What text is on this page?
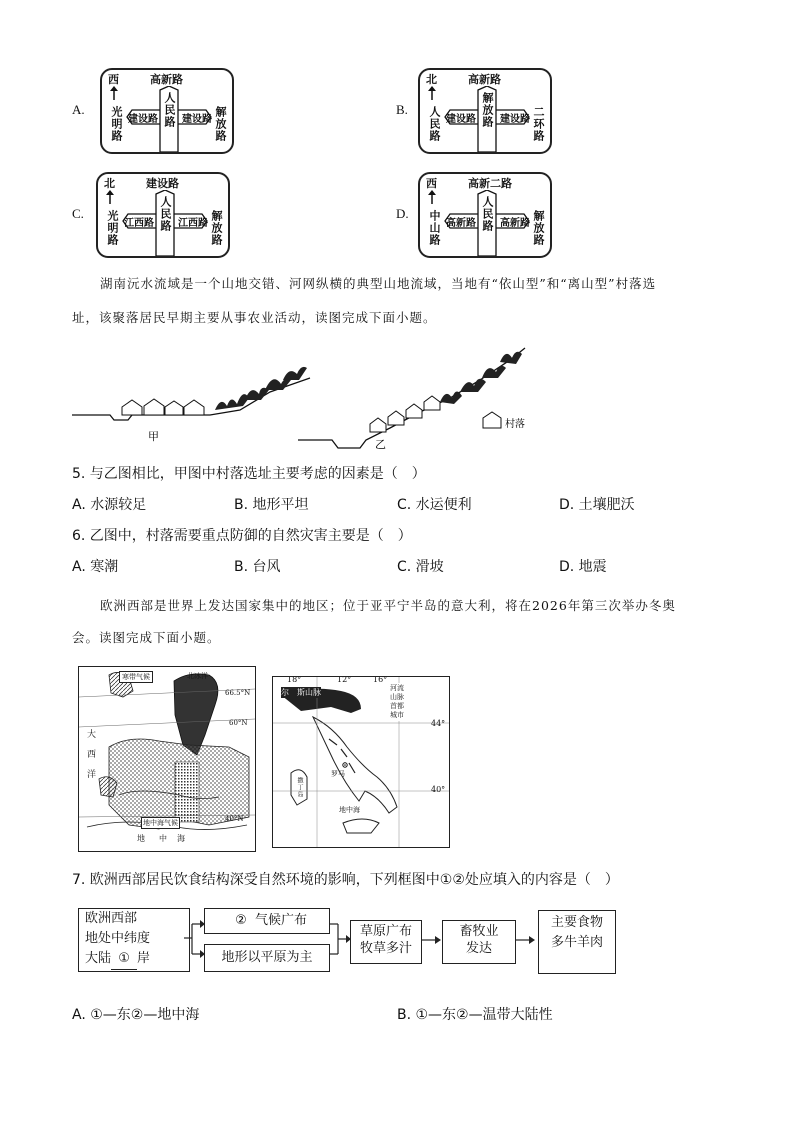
A.
西	高新路
光明路	解放路
人民路
建设路 建设路
B.
北	高新路
人民路	二环路
解放路
建设路 建设路
C.
北	建设路
光明路	解放路
人民路
江西路 江西路
D.
西	高新二路
中山路	解放路
人民路
高新路 高新路
湖南沅水流域是一个山地交错、河网纵横的典型山地流域，当地有“依山型”和“离山型”村落选
址，该聚落居民早期主要从事农业活动，读图完成下面小题。
甲
乙
村落
5. 与乙图相比，甲图中村落选址主要考虑的因素是（　）
A. 水源较足	B. 地形平坦	C. 水运便利	D. 土壤肥沃
6. 乙图中，村落需要重点防御的自然灾害主要是（　）
A. 寒潮	B. 台风	C. 滑坡	D. 地震
欧洲西部是世界上发达国家集中的地区；位于亚平宁半岛的意大利，将在2026年第三次举办冬奥
会。读图完成下面小题。
寒带气候	北冰洋
66.5°N
大
西
洋
60°N
40°N
地中海气候
地 中 海
18°	12°	16°
尔　斯山脉	河流
山脉
首都
城市
44°
40°
罗马
地中海
撒丁岛
7. 欧洲西部居民饮食结构深受自然环境的影响，下列框图中①②处应填入的内容是（　）
欧洲西部
地处中纬度
大陆 ① 岸
② 气候广布
地形以平原为主
草原广布
牧草多汁
畜牧业
发达
主要食物
多牛羊肉
A. ①—东②—地中海	B. ①—东②—温带大陆性
